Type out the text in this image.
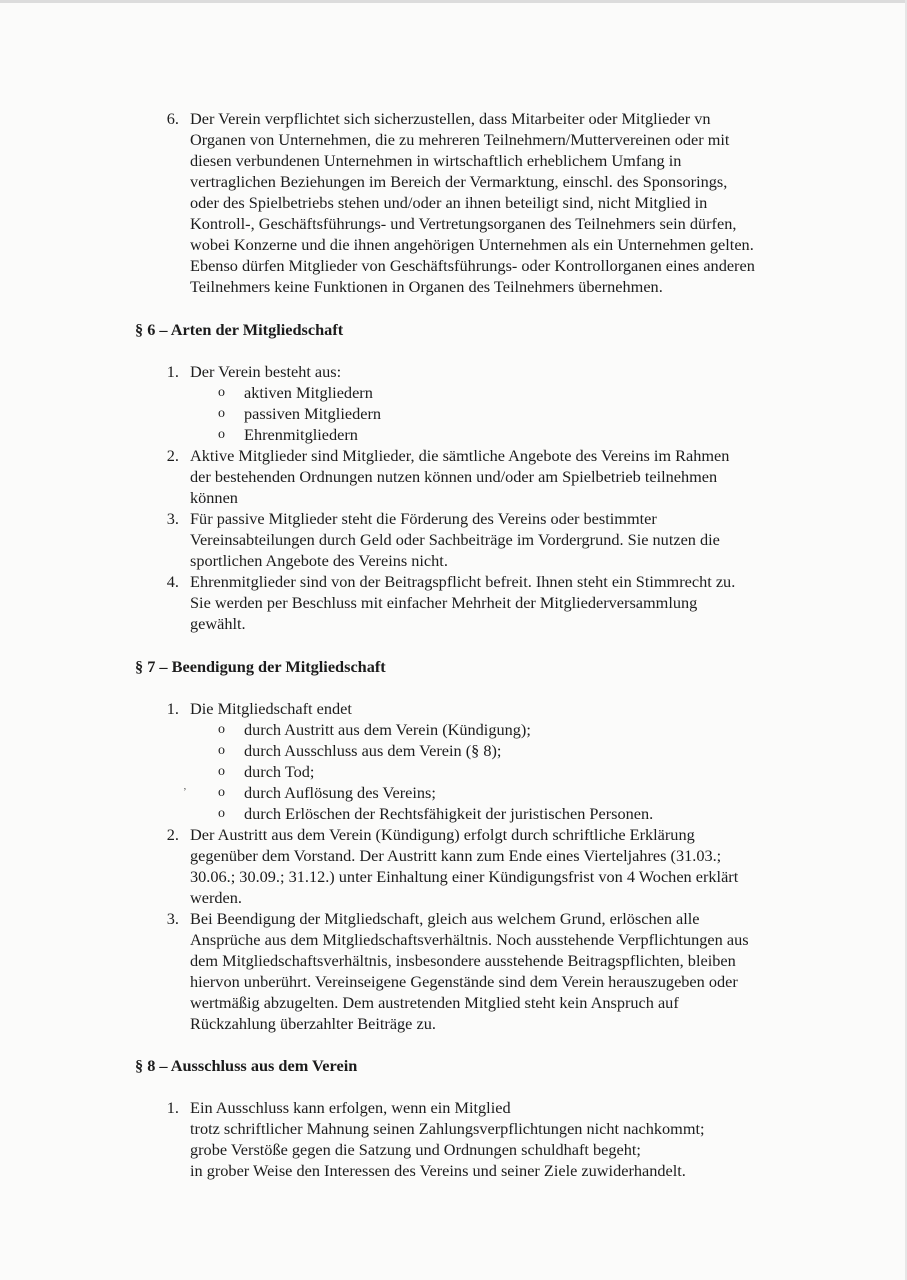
6. Der Verein verpflichtet sich sicherzustellen, dass Mitarbeiter oder Mitglieder vn
Organen von Unternehmen, die zu mehreren Teilnehmern/Muttervereinen oder mit
diesen verbundenen Unternehmen in wirtschaftlich erheblichem Umfang in
vertraglichen Beziehungen im Bereich der Vermarktung, einschl. des Sponsorings,
oder des Spielbetriebs stehen und/oder an ihnen beteiligt sind, nicht Mitglied in
Kontroll-, Geschäftsführungs- und Vertretungsorganen des Teilnehmers sein dürfen,
wobei Konzerne und die ihnen angehörigen Unternehmen als ein Unternehmen gelten.
Ebenso dürfen Mitglieder von Geschäftsführungs- oder Kontrollorganen eines anderen
Teilnehmers keine Funktionen in Organen des Teilnehmers übernehmen.
§ 6 – Arten der Mitgliedschaft
1. Der Verein besteht aus:
o aktiven Mitgliedern
o passiven Mitgliedern
o Ehrenmitgliedern
2. Aktive Mitglieder sind Mitglieder, die sämtliche Angebote des Vereins im Rahmen
der bestehenden Ordnungen nutzen können und/oder am Spielbetrieb teilnehmen
können
3. Für passive Mitglieder steht die Förderung des Vereins oder bestimmter
Vereinsabteilungen durch Geld oder Sachbeiträge im Vordergrund. Sie nutzen die
sportlichen Angebote des Vereins nicht.
4. Ehrenmitglieder sind von der Beitragspflicht befreit. Ihnen steht ein Stimmrecht zu.
Sie werden per Beschluss mit einfacher Mehrheit der Mitgliederversammlung
gewählt.
§ 7 – Beendigung der Mitgliedschaft
1. Die Mitgliedschaft endet
o durch Austritt aus dem Verein (Kündigung);
o durch Ausschluss aus dem Verein (§ 8);
o durch Tod;
’ o durch Auflösung des Vereins;
o durch Erlöschen der Rechtsfähigkeit der juristischen Personen.
2. Der Austritt aus dem Verein (Kündigung) erfolgt durch schriftliche Erklärung
gegenüber dem Vorstand. Der Austritt kann zum Ende eines Vierteljahres (31.03.;
30.06.; 30.09.; 31.12.) unter Einhaltung einer Kündigungsfrist von 4 Wochen erklärt
werden.
3. Bei Beendigung der Mitgliedschaft, gleich aus welchem Grund, erlöschen alle
Ansprüche aus dem Mitgliedschaftsverhältnis. Noch ausstehende Verpflichtungen aus
dem Mitgliedschaftsverhältnis, insbesondere ausstehende Beitragspflichten, bleiben
hiervon unberührt. Vereinseigene Gegenstände sind dem Verein herauszugeben oder
wertmäßig abzugelten. Dem austretenden Mitglied steht kein Anspruch auf
Rückzahlung überzahlter Beiträge zu.
§ 8 – Ausschluss aus dem Verein
1. Ein Ausschluss kann erfolgen, wenn ein Mitglied
trotz schriftlicher Mahnung seinen Zahlungsverpflichtungen nicht nachkommt;
grobe Verstöße gegen die Satzung und Ordnungen schuldhaft begeht;
in grober Weise den Interessen des Vereins und seiner Ziele zuwiderhandelt.
